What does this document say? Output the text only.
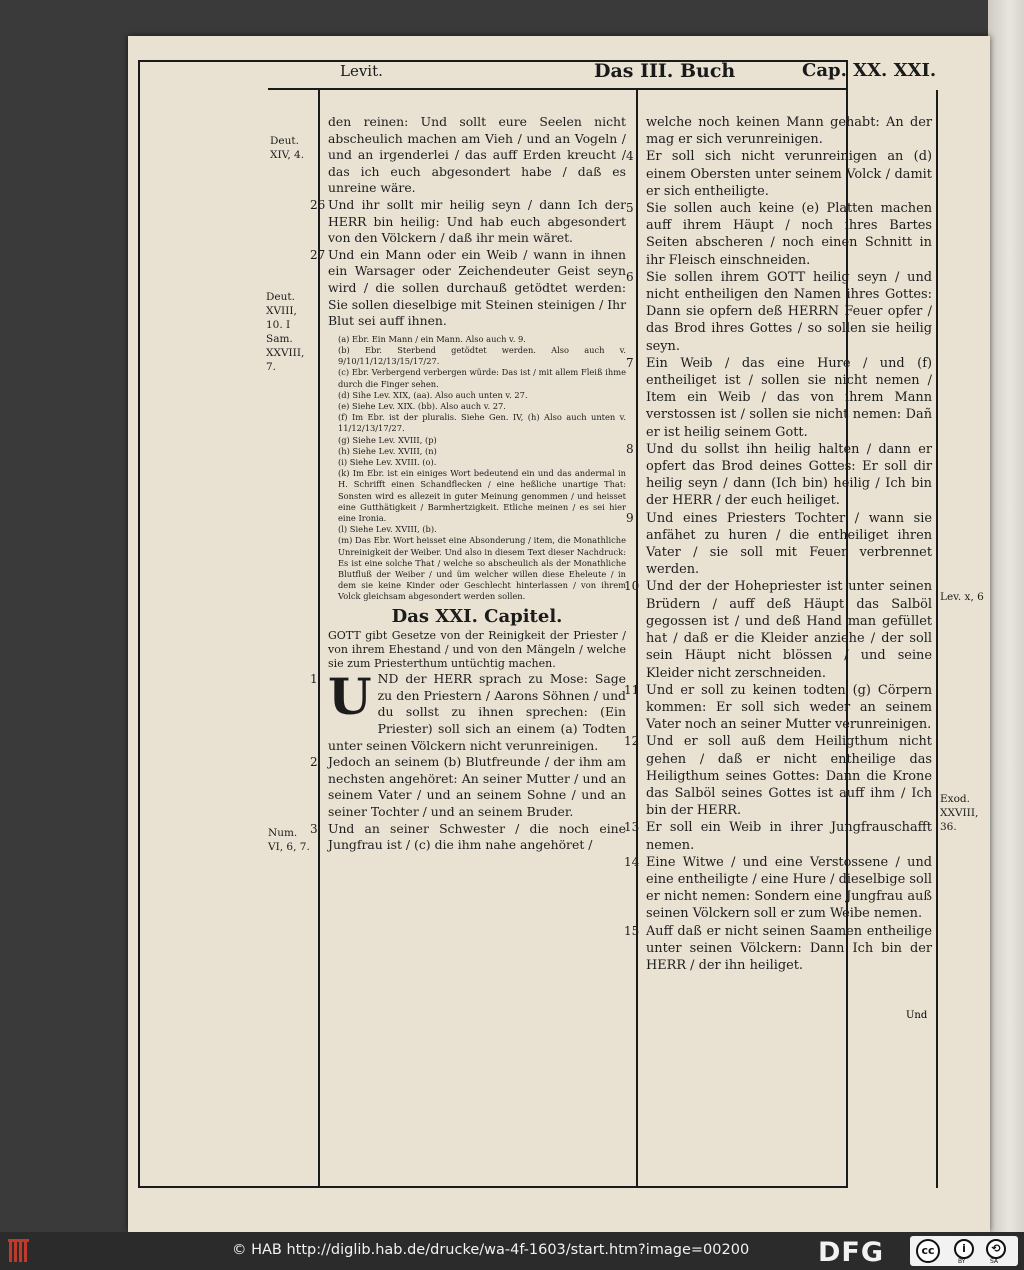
Levit.	Das III. Buch	Cap. XX. XXI.
Deut. XIV, 4.
Deut. XVIII, 10. I Sam. XXVIII, 7.
Num. VI, 6, 7.
Lev. x, 6
Exod. XXVIII, 36.

den reinen: Und sollt eure Seelen nicht abscheulich machen am Vieh / und an Vogeln / und an irgenderlei / das auff Erden kreucht / das ich euch abgesondert habe / daß es unreine wäre.

26 Und ihr sollt mir heilig seyn / dann Ich der HERR bin heilig: Und hab euch abgesondert von den Völckern / daß ihr mein wäret.

27 Und ein Mann oder ein Weib / wann in ihnen ein Warsager oder Zeichendeuter Geist seyn wird / die sollen durchauß getödtet werden: Sie sollen dieselbige mit Steinen steinigen / Ihr Blut sei auff ihnen.

(a) Ebr. Ein Mann / ein Mann. Also auch v. 9.

(b) Ebr. Sterbend getödtet werden. Also auch v. 9/10/11/12/13/15/17/27.

(c) Ebr. Verbergend verbergen würde: Das ist / mit allem Fleiß ihme durch die Finger sehen.

(d) Sihe Lev. XIX, (aa). Also auch unten v. 27.

(e) Siehe Lev. XIX. (bb). Also auch v. 27.

(f) Im Ebr. ist der pluralis. Siehe Gen. IV, (h) Also auch unten v. 11/12/13/17/27.

(g) Siehe Lev. XVIII, (p)

(h) Siehe Lev. XVIII, (n)

(i) Siehe Lev. XVIII. (o).

(k) Im Ebr. ist ein einiges Wort bedeutend ein und das andermal in H. Schrifft einen Schandflecken / eine heßliche unartige That: Sonsten wird es allezeit in guter Meinung genommen / und heisset eine Gutthätigkeit / Barmhertzigkeit. Etliche meinen / es sei hier eine Ironia.

(l) Siehe Lev. XVIII, (b).

(m) Das Ebr. Wort heisset eine Absonderung / item, die Monathliche Unreinigkeit der Weiber. Und also in diesem Text dieser Nachdruck: Es ist eine solche That / welche so abscheulich als der Monathliche Blutfluß der Weiber / und üm welcher willen diese Eheleute / in dem sie keine Kinder oder Geschlecht hinterlassen / von ihrem Volck gleichsam abgesondert werden sollen.

Das XXI. Capitel.

GOTT gibt Gesetze von der Reinigkeit der Priester / von ihrem Ehestand / und von den Mängeln / welche sie zum Priesterthum untüchtig machen.

1 U ND der HERR sprach zu Mose: Sage zu den Priestern / Aarons Söhnen / und du sollst zu ihnen sprechen: (Ein Priester) soll sich an einem (a) Todten unter seinen Völckern nicht verunreinigen.

2 Jedoch an seinem (b) Blutfreunde / der ihm am nechsten angehöret: An seiner Mutter / und an seinem Vater / und an seinem Sohne / und an seiner Tochter / und an seinem Bruder.

3 Und an seiner Schwester / die noch eine Jungfrau ist / (c) die ihm nahe angehöret /

welche noch keinen Mann gehabt: An der mag er sich verunreinigen.

4 Er soll sich nicht verunreinigen an (d) einem Obersten unter seinem Volck / damit er sich entheiligte.

5 Sie sollen auch keine (e) Platten machen auff ihrem Häupt / noch ihres Bartes Seiten abscheren / noch einen Schnitt in ihr Fleisch einschneiden.

6 Sie sollen ihrem GOTT heilig seyn / und nicht entheiligen den Namen ihres Gottes: Dann sie opfern deß HERRN Feuer opfer / das Brod ihres Gottes / so sollen sie heilig seyn.

7 Ein Weib / das eine Hure / und (f) entheiliget ist / sollen sie nicht nemen / Item ein Weib / das von ihrem Mann verstossen ist / sollen sie nicht nemen: Dañ er ist heilig seinem Gott.

8 Und du sollst ihn heilig halten / dann er opfert das Brod deines Gottes: Er soll dir heilig seyn / dann (Ich bin) heilig / Ich bin der HERR / der euch heiliget.

9 Und eines Priesters Tochter / wann sie anfähet zu huren / die entheiliget ihren Vater / sie soll mit Feuer verbrennet werden.

10 Und der der Hohepriester ist unter seinen Brüdern / auff deß Häupt das Salböl gegossen ist / und deß Hand man gefüllet hat / daß er die Kleider anziehe / der soll sein Häupt nicht blössen / und seine Kleider nicht zerschneiden.

11 Und er soll zu keinen todten (g) Cörpern kommen: Er soll sich weder an seinem Vater noch an seiner Mutter verunreinigen.

12 Und er soll auß dem Heiligthum nicht gehen / daß er nicht entheilige das Heiligthum seines Gottes: Dann die Krone das Salböl seines Gottes ist auff ihm / Ich bin der HERR.

13 Er soll ein Weib in ihrer Jungfrauschafft nemen.

14 Eine Witwe / und eine Verstossene / und eine entheiligte / eine Hure / dieselbige soll er nicht nemen: Sondern eine Jungfrau auß seinen Völckern soll er zum Weibe nemen.

15 Auff daß er nicht seinen Saamen entheilige unter seinen Völckern: Dann Ich bin der HERR / der ihn heiliget.

Und
© HAB http://diglib.hab.de/drucke/wa-4f-1603/start.htm?image=00200	DFG	cc	i	⟲
BY	SA
